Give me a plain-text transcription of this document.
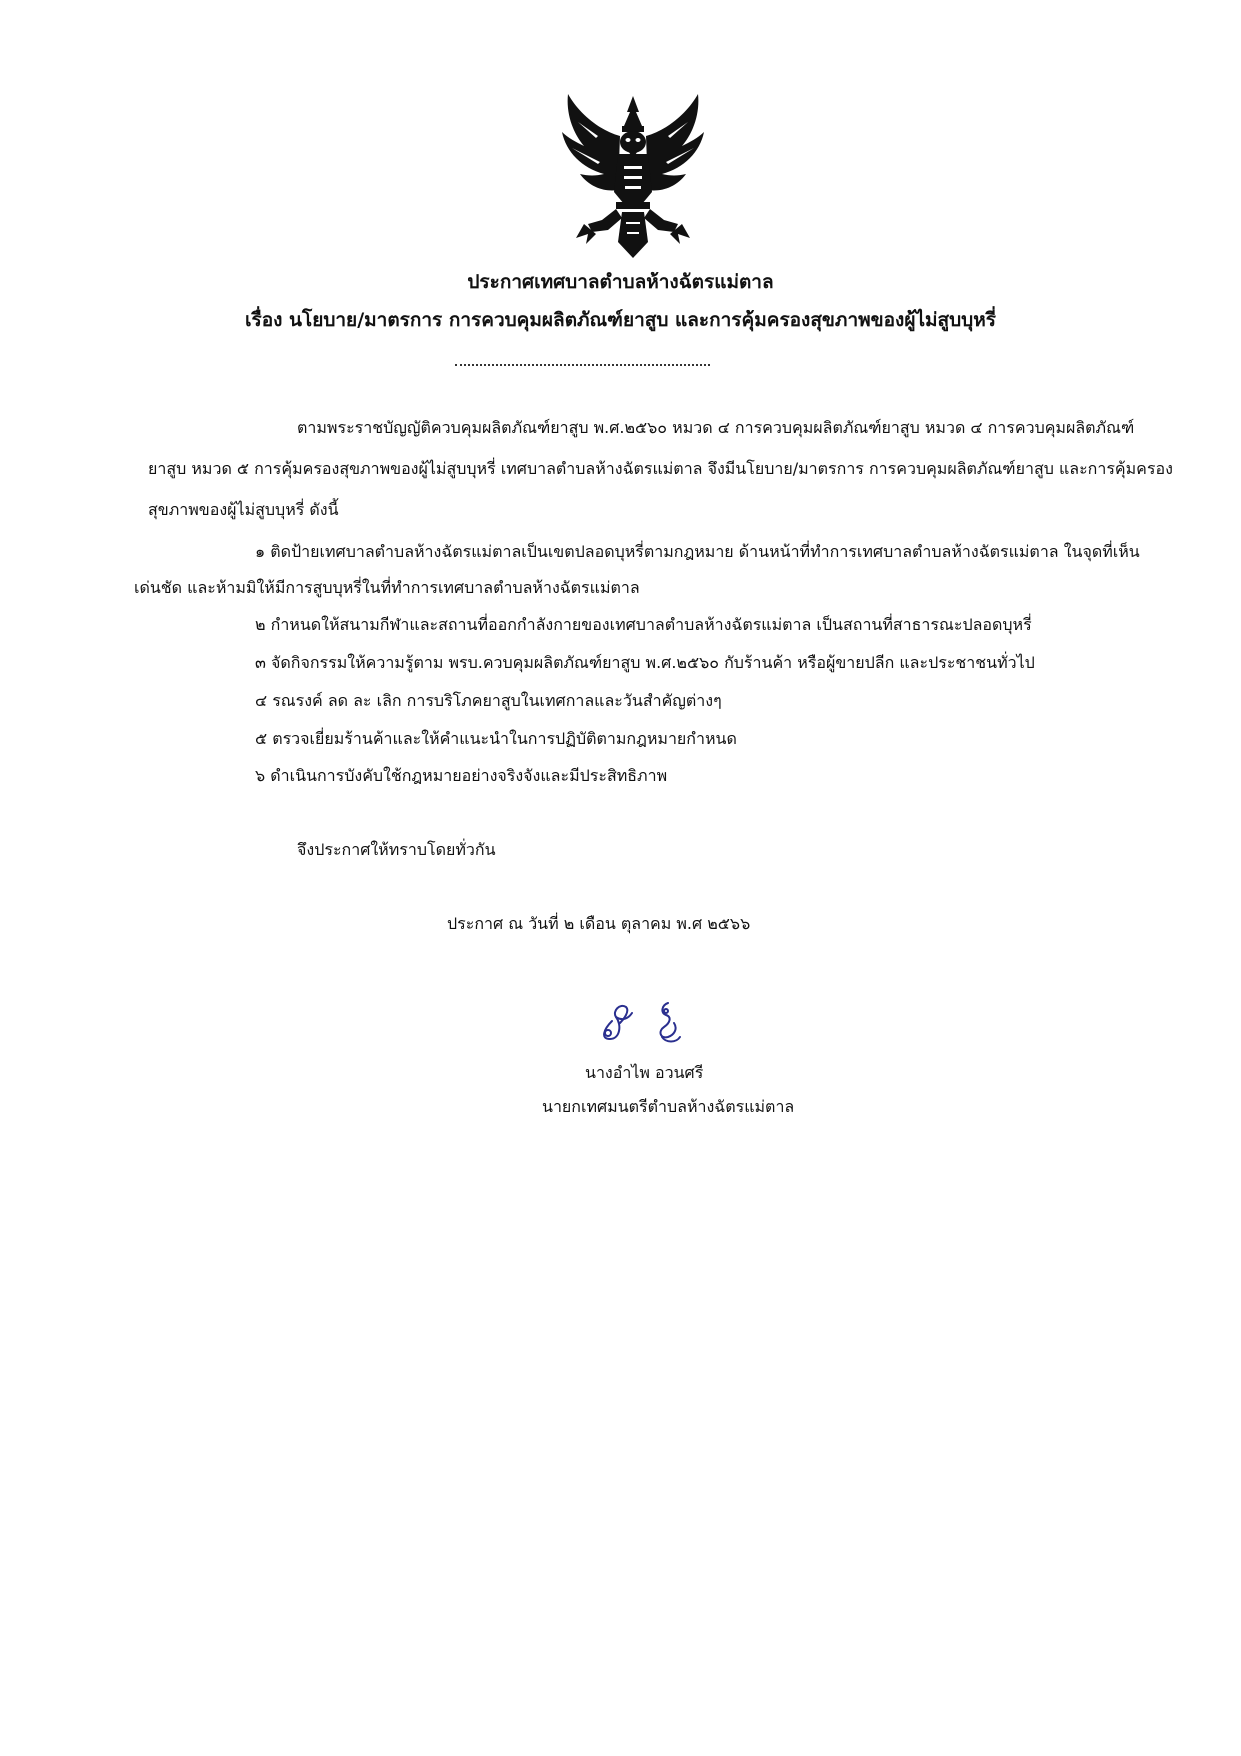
ประกาศเทศบาลตำบลห้างฉัตรแม่ตาล
เรื่อง นโยบาย/มาตรการ การควบคุมผลิตภัณฑ์ยาสูบ และการคุ้มครองสุขภาพของผู้ไม่สูบบุหรี่
ตามพระราชบัญญัติควบคุมผลิตภัณฑ์ยาสูบ พ.ศ.๒๕๖๐ หมวด ๔ การควบคุมผลิตภัณฑ์ยาสูบ หมวด ๔ การควบคุมผลิตภัณฑ์
ยาสูบ หมวด ๕ การคุ้มครองสุขภาพของผู้ไม่สูบบุหรี่ เทศบาลตำบลห้างฉัตรแม่ตาล จึงมีนโยบาย/มาตรการ การควบคุมผลิตภัณฑ์ยาสูบ และการคุ้มครอง
สุขภาพของผู้ไม่สูบบุหรี่ ดังนี้
๑ ติดป้ายเทศบาลตำบลห้างฉัตรแม่ตาลเป็นเขตปลอดบุหรี่ตามกฎหมาย ด้านหน้าที่ทำการเทศบาลตำบลห้างฉัตรแม่ตาล ในจุดที่เห็น
เด่นชัด และห้ามมิให้มีการสูบบุหรี่ในที่ทำการเทศบาลตำบลห้างฉัตรแม่ตาล
๒ กำหนดให้สนามกีฬาและสถานที่ออกกำลังกายของเทศบาลตำบลห้างฉัตรแม่ตาล เป็นสถานที่สาธารณะปลอดบุหรี่
๓ จัดกิจกรรมให้ความรู้ตาม พรบ.ควบคุมผลิตภัณฑ์ยาสูบ พ.ศ.๒๕๖๐ กับร้านค้า หรือผู้ขายปลีก และประชาชนทั่วไป
๔ รณรงค์ ลด ละ เลิก การบริโภคยาสูบในเทศกาลและวันสำคัญต่างๆ
๕ ตรวจเยี่ยมร้านค้าและให้คำแนะนำในการปฏิบัติตามกฎหมายกำหนด
๖ ดำเนินการบังคับใช้กฎหมายอย่างจริงจังและมีประสิทธิภาพ
จึงประกาศให้ทราบโดยทั่วกัน
ประกาศ ณ วันที่ ๒ เดือน ตุลาคม พ.ศ ๒๕๖๖
นางอำไพ อวนศรี
นายกเทศมนตรีตำบลห้างฉัตรแม่ตาล
